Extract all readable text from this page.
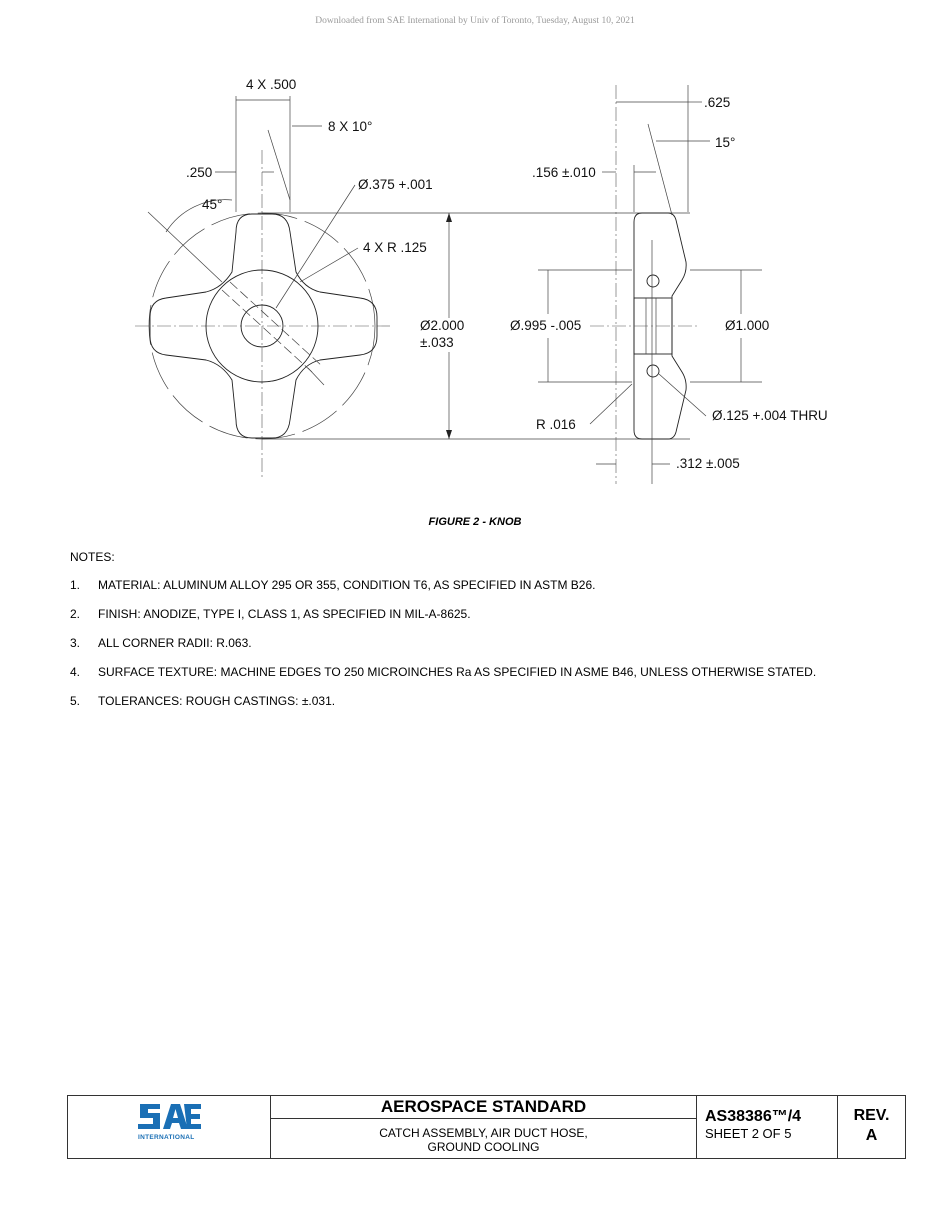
Downloaded from SAE International by Univ of Toronto, Tuesday, August 10, 2021
4 X .500
8 X 10°
.250
Ø.375 +.001
45°
4 X R .125
Ø2.000
±.033
.625
15°
.156 ±.010
Ø.995 -.005	Ø1.000
R .016
Ø.125 +.004 THRU
.312 ±.005
FIGURE 2 - KNOB
NOTES:
1.	MATERIAL: ALUMINUM ALLOY 295 OR 355, CONDITION T6, AS SPECIFIED IN ASTM B26.
2.	FINISH: ANODIZE, TYPE I, CLASS 1, AS SPECIFIED IN MIL-A-8625.
3.	ALL CORNER RADII: R.063.
4.	SURFACE TEXTURE: MACHINE EDGES TO 250 MICROINCHES Ra AS SPECIFIED IN ASME B46, UNLESS OTHERWISE STATED.
5.	TOLERANCES: ROUGH CASTINGS: ±.031.
INTERNATIONAL
AEROSPACE STANDARD
CATCH ASSEMBLY, AIR DUCT HOSE,
GROUND COOLING
AS38386™/4
SHEET 2 OF 5
REV.
A
